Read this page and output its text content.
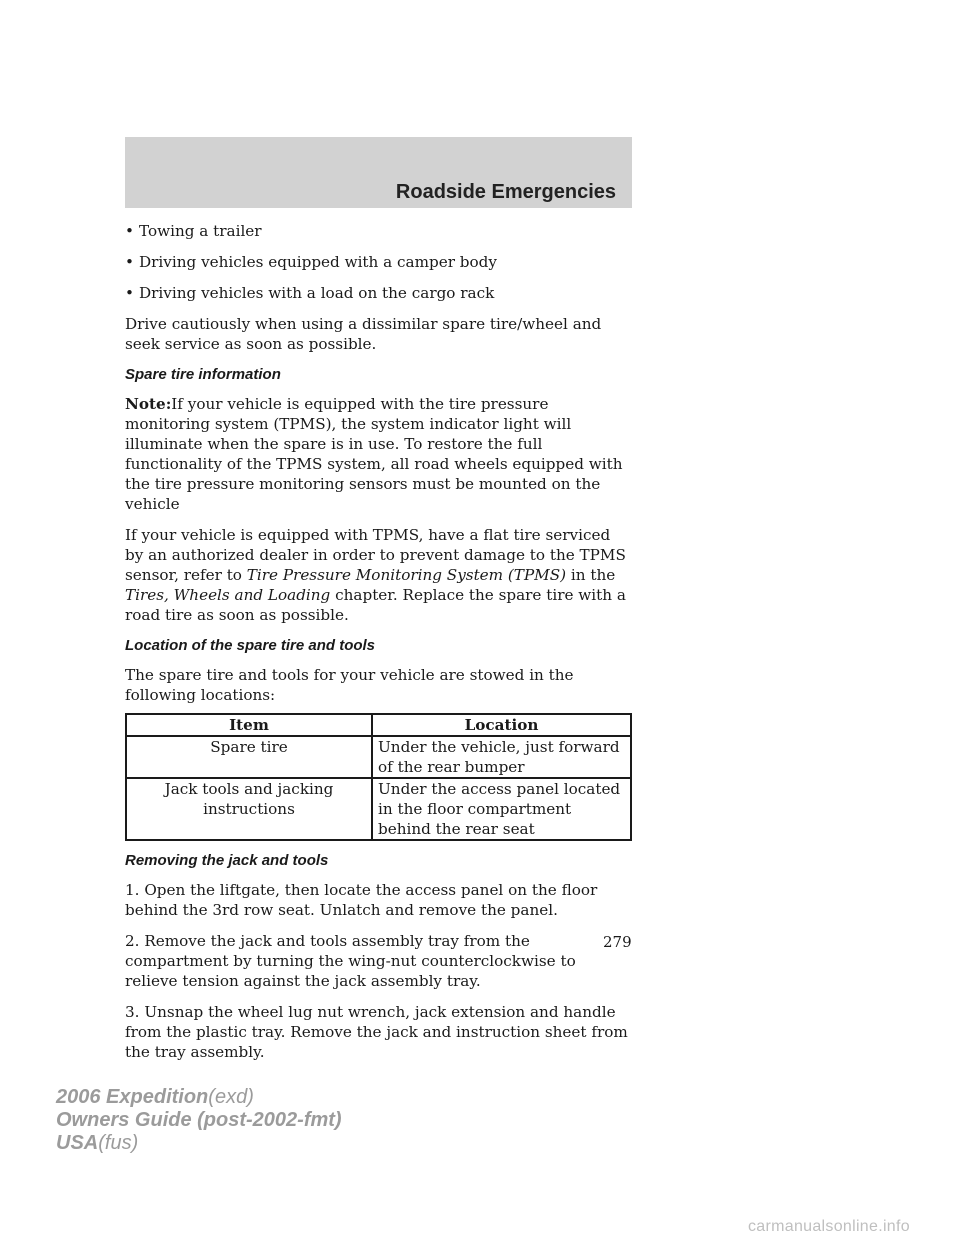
Roadside Emergencies
• Towing a trailer
• Driving vehicles equipped with a camper body
• Driving vehicles with a load on the cargo rack

Drive cautiously when using a dissimilar spare tire/wheel and seek service as soon as possible.

Spare tire information

Note:If your vehicle is equipped with the tire pressure monitoring system (TPMS), the system indicator light will illuminate when the spare is in use. To restore the full functionality of the TPMS system, all road wheels equipped with the tire pressure monitoring sensors must be mounted on the vehicle

If your vehicle is equipped with TPMS, have a flat tire serviced by an authorized dealer in order to prevent damage to the TPMS sensor, refer to Tire Pressure Monitoring System (TPMS) in the Tires, Wheels and Loading chapter. Replace the spare tire with a road tire as soon as possible.

Location of the spare tire and tools

The spare tire and tools for your vehicle are stowed in the following locations:

Item	Location
Spare tire	Under the vehicle, just forward of the rear bumper
Jack tools and jacking instructions	Under the access panel located in the floor compartment behind the rear seat
Removing the jack and tools

1. Open the liftgate, then locate the access panel on the floor behind the 3rd row seat. Unlatch and remove the panel.

2. Remove the jack and tools assembly tray from the compartment by turning the wing-nut counterclockwise to relieve tension against the jack assembly tray.

3. Unsnap the wheel lug nut wrench, jack extension and handle from the plastic tray. Remove the jack and instruction sheet from the tray assembly.

279
2006 Expedition(exd)
Owners Guide (post-2002-fmt)
USA(fus)
carmanualsonline.info
